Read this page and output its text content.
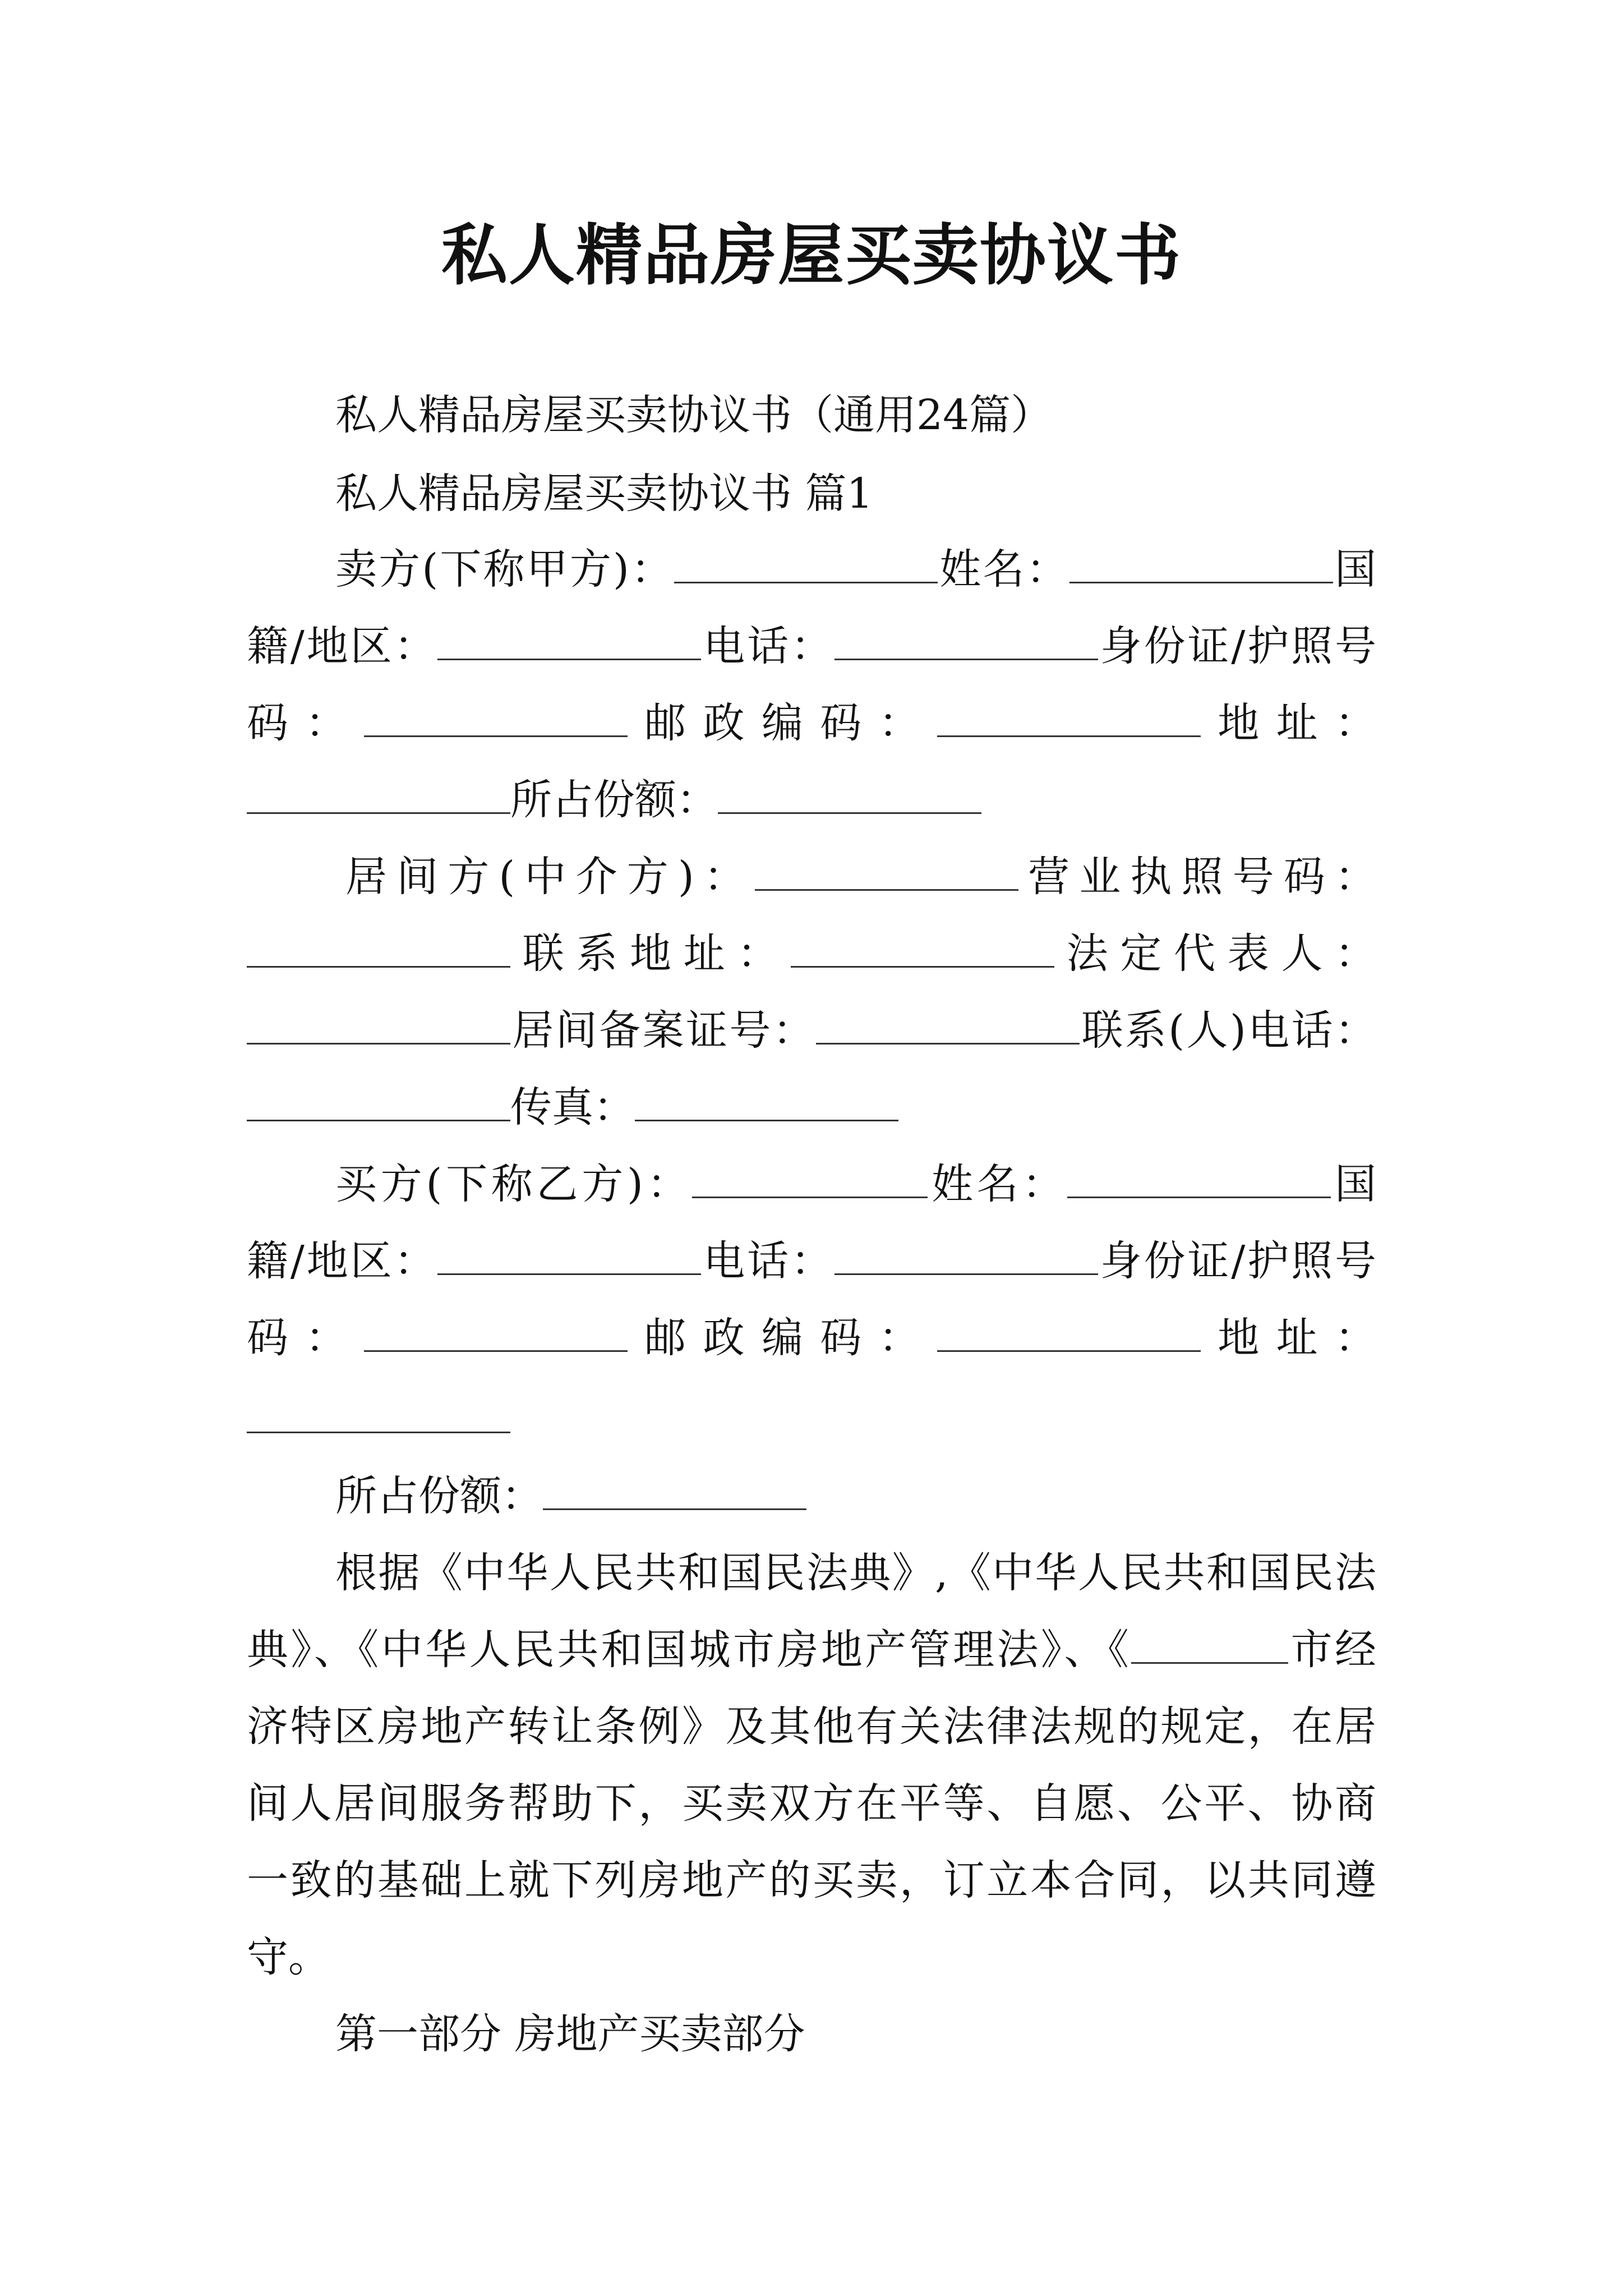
私人精品房屋买卖协议书
私人精品房屋买卖协议书（通用24篇）
私人精品房屋买卖协议书 篇1
卖方(下称甲方)：	姓名：	国
籍/地区：	电话：	身份证/护照号
码：	邮政编码：	地址：
所占份额：
居间方(中介方)：	营业执照号码：
联系地址：	法定代表人：
居间备案证号：	联系(人)电话：
传真：
买方(下称乙方)：	姓名：	国
籍/地区：	电话：	身份证/护照号
码：	邮政编码：	地址：
所占份额：
根据《中华人民共和国民法典》,《中华人民共和国民法
典》、《中华人民共和国城市房地产管理法》、《	市经
济特区房地产转让条例》及其他有关法律法规的规定，在居
间人居间服务帮助下，买卖双方在平等、自愿、公平、协商
一致的基础上就下列房地产的买卖，订立本合同，以共同遵
守。
第一部分 房地产买卖部分
